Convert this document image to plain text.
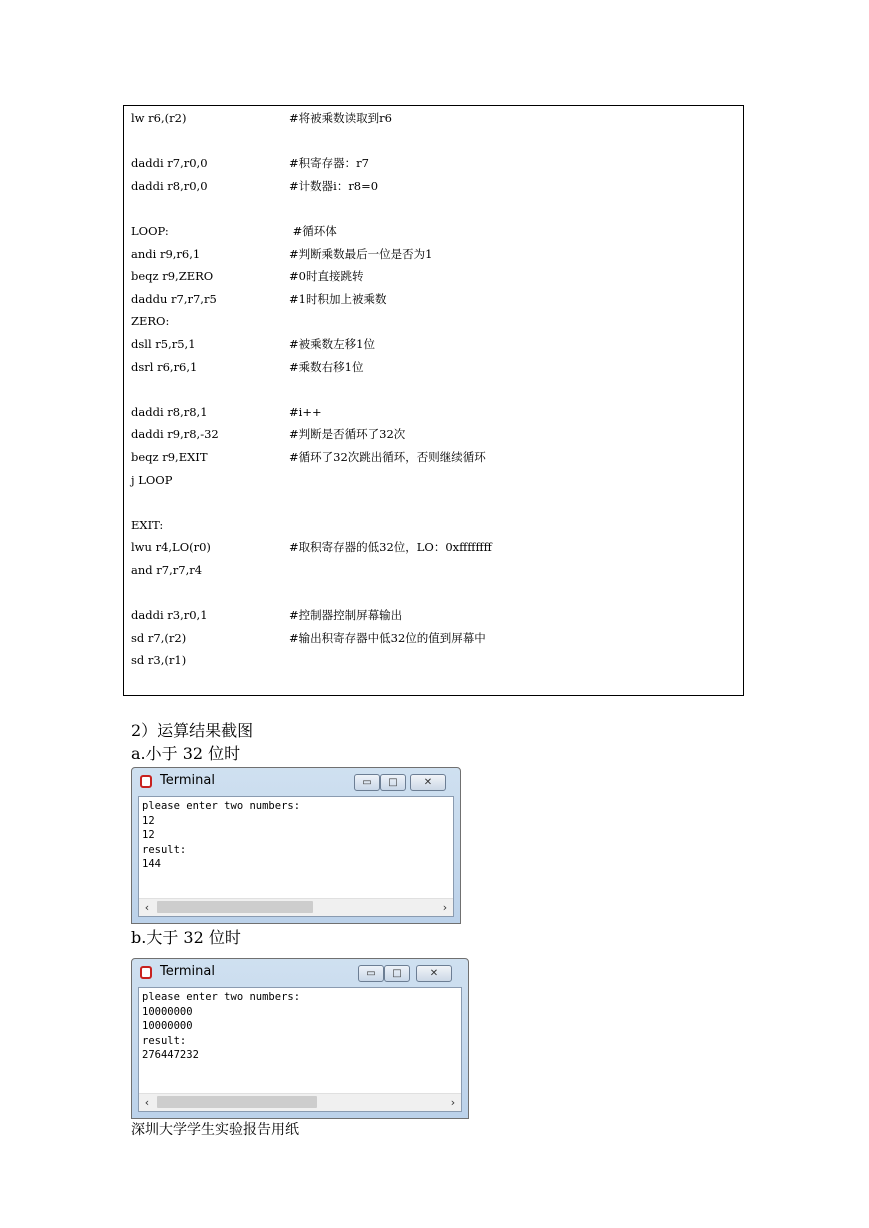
lw r6,(r2)	#将被乘数读取到r6
daddi r7,r0,0	#积寄存器：r7
daddi r8,r0,0	#计数器i：r8=0
LOOP:	#循环体
andi r9,r6,1	#判断乘数最后一位是否为1
beqz r9,ZERO	#0时直接跳转
daddu r7,r7,r5	#1时积加上被乘数
ZERO:
dsll r5,r5,1	#被乘数左移1位
dsrl r6,r6,1	#乘数右移1位
daddi r8,r8,1	#i++
daddi r9,r8,-32	#判断是否循环了32次
beqz r9,EXIT	#循环了32次跳出循环，否则继续循环
j LOOP
EXIT:
lwu r4,LO(r0)	#取积寄存器的低32位，LO：0xffffffff
and r7,r7,r4
daddi r3,r0,1	#控制器控制屏幕输出
sd r7,(r2)	#输出积寄存器中低32位的值到屏幕中
sd r3,(r1)
2）运算结果截图
a.小于 32 位时
Terminal	▭	□	✕
please enter two numbers:
12
12
result:
144
‹	›
b.大于 32 位时
Terminal	▭	□	✕
please enter two numbers:
10000000
10000000
result:
276447232
‹	›
深圳大学学生实验报告用纸
